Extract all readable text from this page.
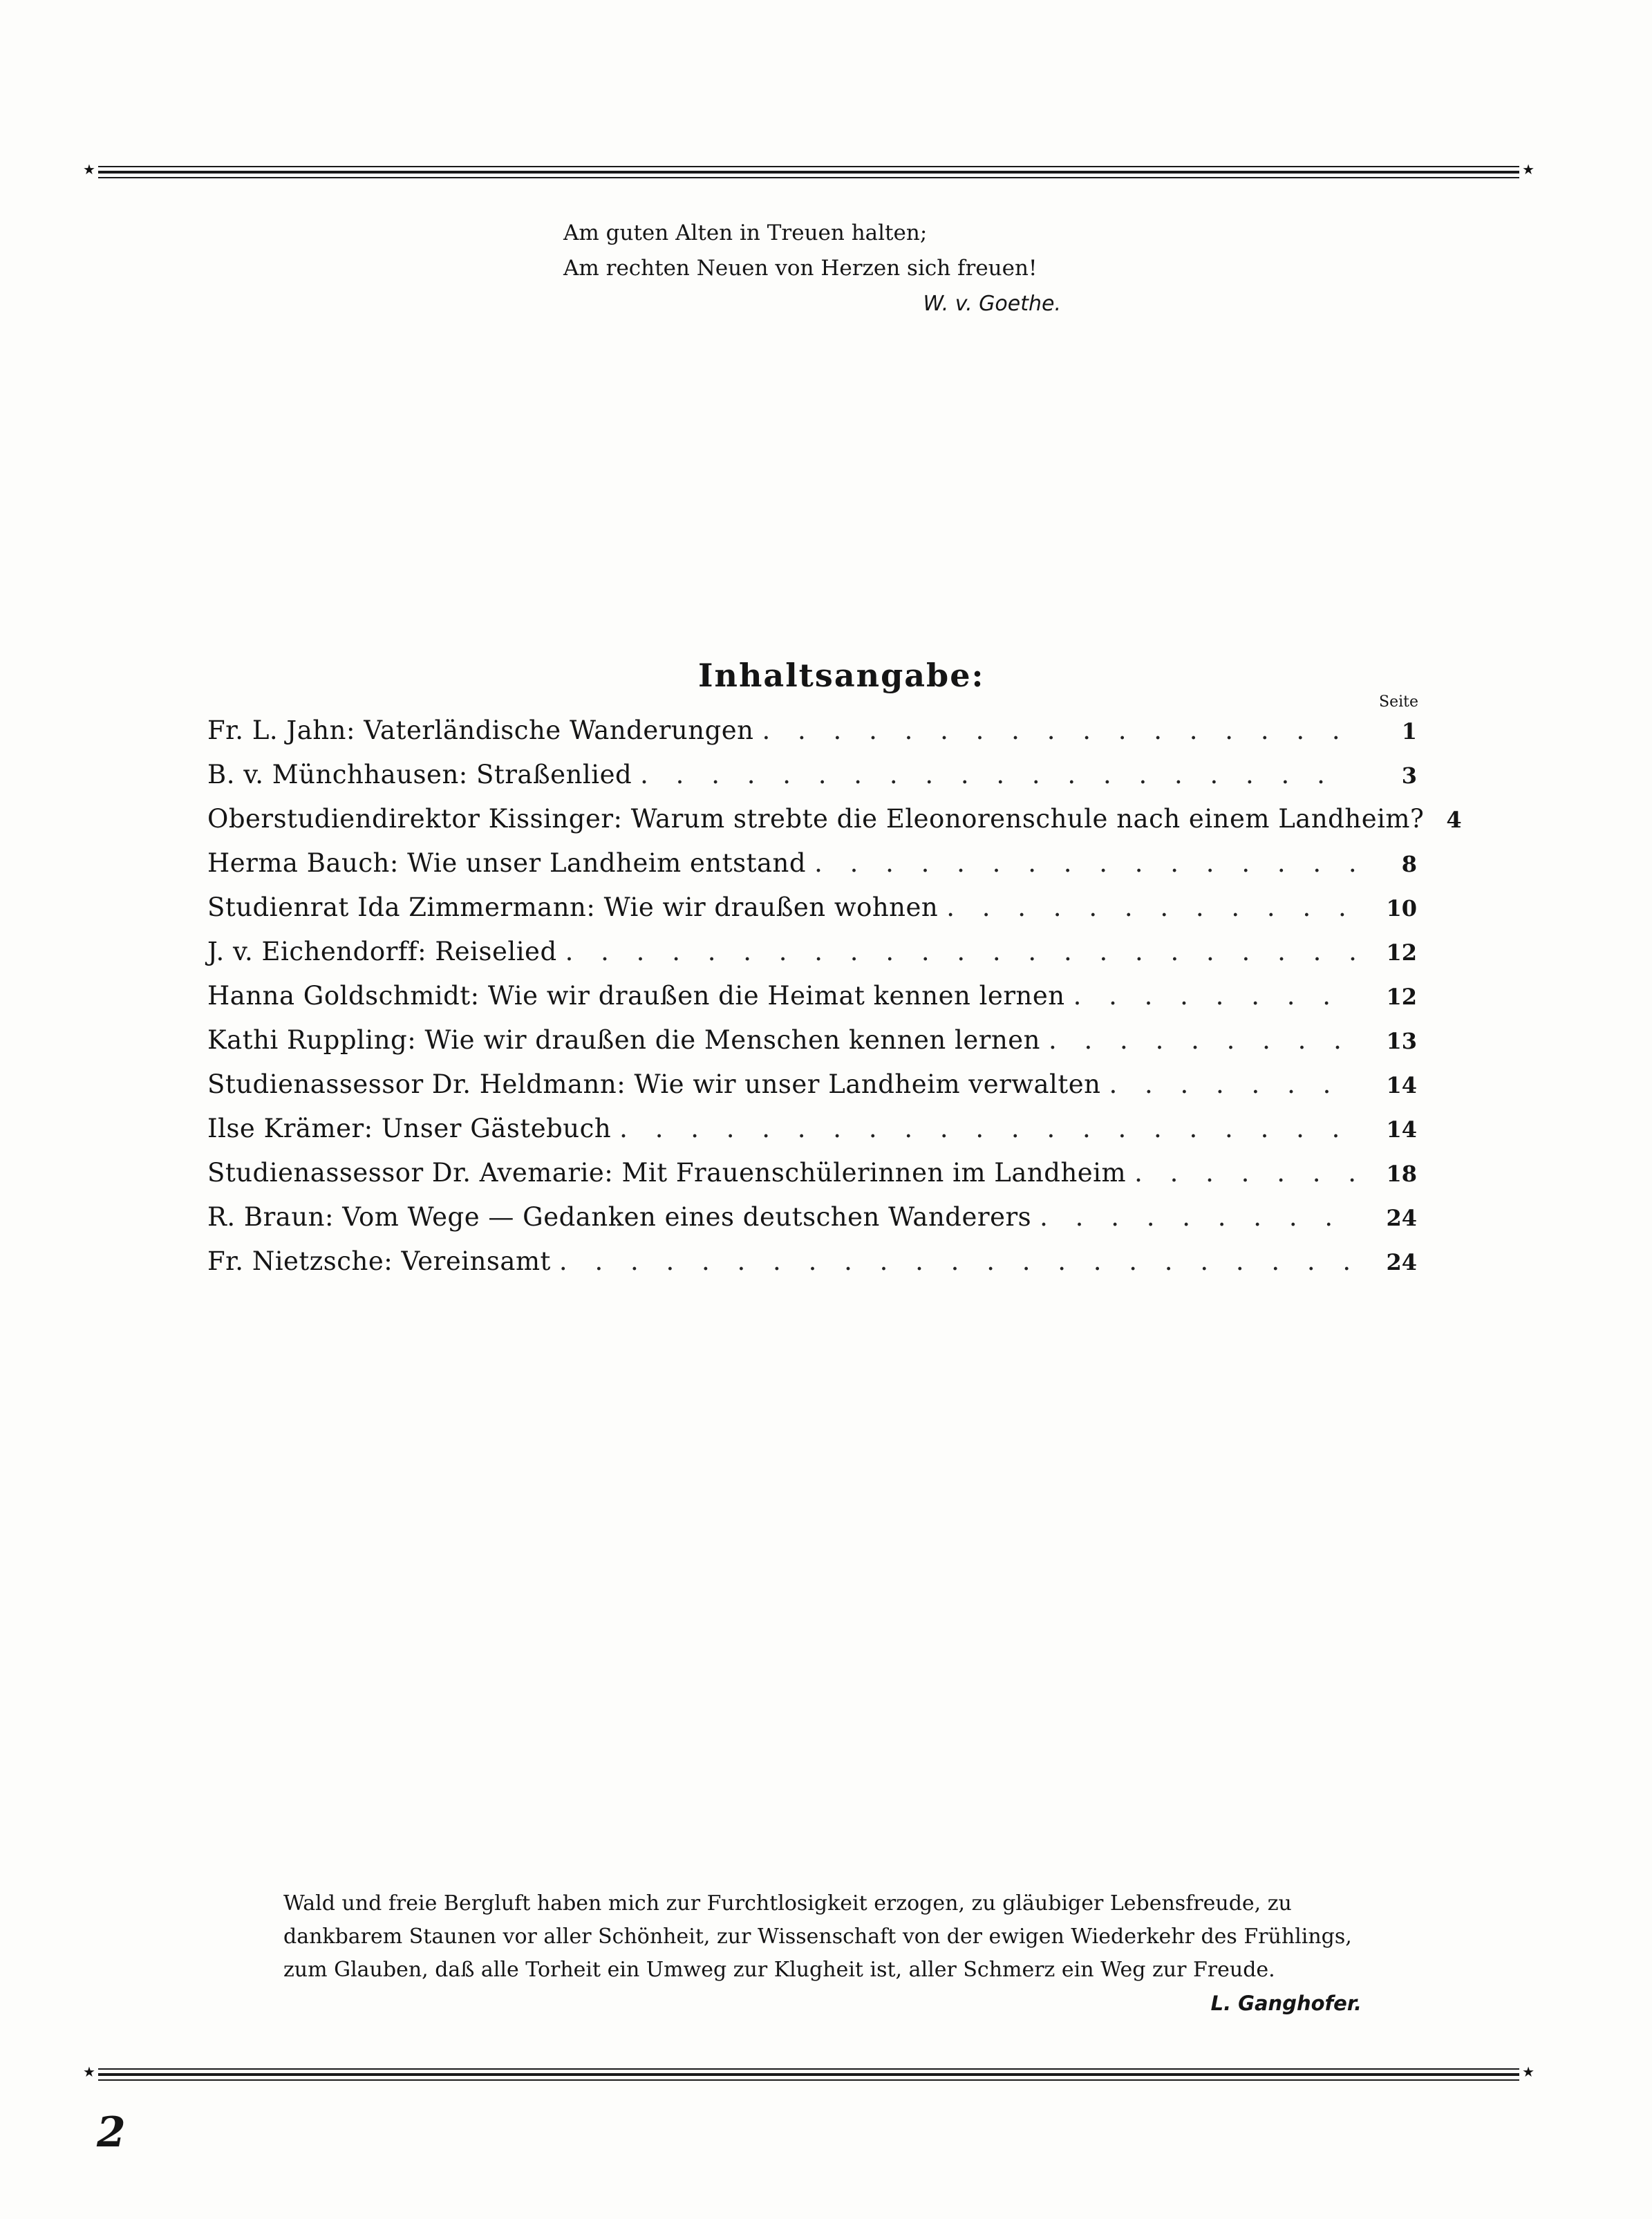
★	★
Am guten Alten in Treuen halten;
Am rechten Neuen von Herzen sich freuen!
W. v. Goethe.
Inhaltsangabe:
Seite
Fr. L. Jahn: Vaterländische Wanderungen . . .	1
B. v. Münchhausen: Straßenlied . . .	3
Oberstudiendirektor Kissinger: Warum strebte die Eleonorenschule nach einem Landheim? 4
Herma Bauch: Wie unser Landheim entstand . . .	8
Studienrat Ida Zimmermann: Wie wir draußen wohnen . . .	10
J. v. Eichendorff: Reiselied . . .	12
Hanna Goldschmidt: Wie wir draußen die Heimat kennen lernen . . .	12
Kathi Ruppling: Wie wir draußen die Menschen kennen lernen . . .	13
Studienassessor Dr. Heldmann: Wie wir unser Landheim verwalten . . .	14
Ilse Krämer: Unser Gästebuch . . .	14
Studienassessor Dr. Avemarie: Mit Frauenschülerinnen im Landheim . . .	18
R. Braun: Vom Wege — Gedanken eines deutschen Wanderers . . .	24
Fr. Nietzsche: Vereinsamt . . .	24
Wald und freie Bergluft haben mich zur Furchtlosigkeit erzogen, zu gläubiger Lebensfreude, zu
dankbarem Staunen vor aller Schönheit, zur Wissenschaft von der ewigen Wiederkehr des Frühlings,
zum Glauben, daß alle Torheit ein Umweg zur Klugheit ist, aller Schmerz ein Weg zur Freude.
L. Ganghofer.
★	★
2
